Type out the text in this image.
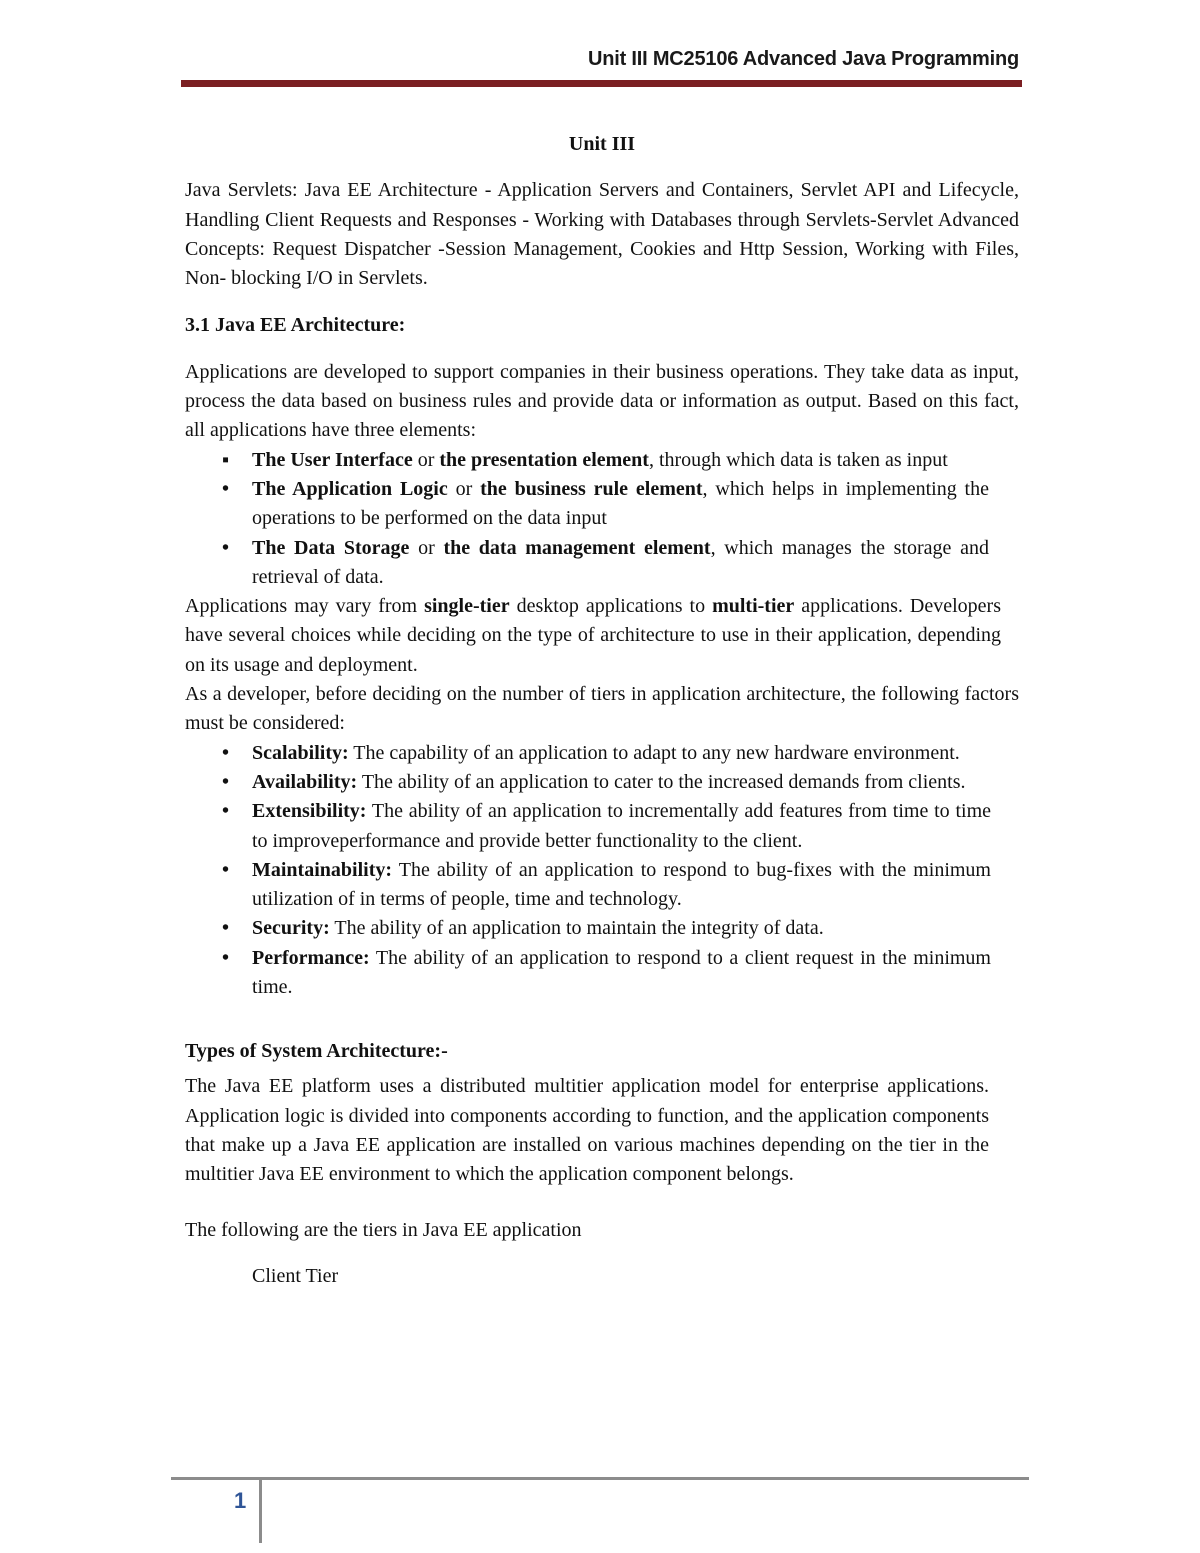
Unit III MC25106 Advanced Java Programming

Unit III

Java Servlets: Java EE Architecture - Application Servers and Containers, Servlet API and Lifecycle, Handling Client Requests and Responses - Working with Databases through Servlets-Servlet Advanced Concepts: Request Dispatcher -Session Management, Cookies and Http Session, Working with Files, Non- blocking I/O in Servlets.

3.1 Java EE Architecture:

Applications are developed to support companies in their business operations. They take data as input, process the data based on business rules and provide data or information as output. Based on this fact, all applications have three elements:

▪ The User Interface or the presentation element, through which data is taken as input
• The Application Logic or the business rule element, which helps in implementing the operations to be performed on the data input
• The Data Storage or the data management element, which manages the storage and retrieval of data.

Applications may vary from single-tier desktop applications to multi-tier applications. Developers have several choices while deciding on the type of architecture to use in their application, depending on its usage and deployment.

As a developer, before deciding on the number of tiers in application architecture, the following factors must be considered:

• Scalability: The capability of an application to adapt to any new hardware environment.
• Availability: The ability of an application to cater to the increased demands from clients.
• Extensibility: The ability of an application to incrementally add features from time to time to improveperformance and provide better functionality to the client.
• Maintainability: The ability of an application to respond to bug-fixes with the minimum utilization of in terms of people, time and technology.
• Security: The ability of an application to maintain the integrity of data.
• Performance: The ability of an application to respond to a client request in the minimum time.

Types of System Architecture:-

The Java EE platform uses a distributed multitier application model for enterprise applications. Application logic is divided into components according to function, and the application components that make up a Java EE application are installed on various machines depending on the tier in the multitier Java EE environment to which the application component belongs.

The following are the tiers in Java EE application

Client Tier

1
